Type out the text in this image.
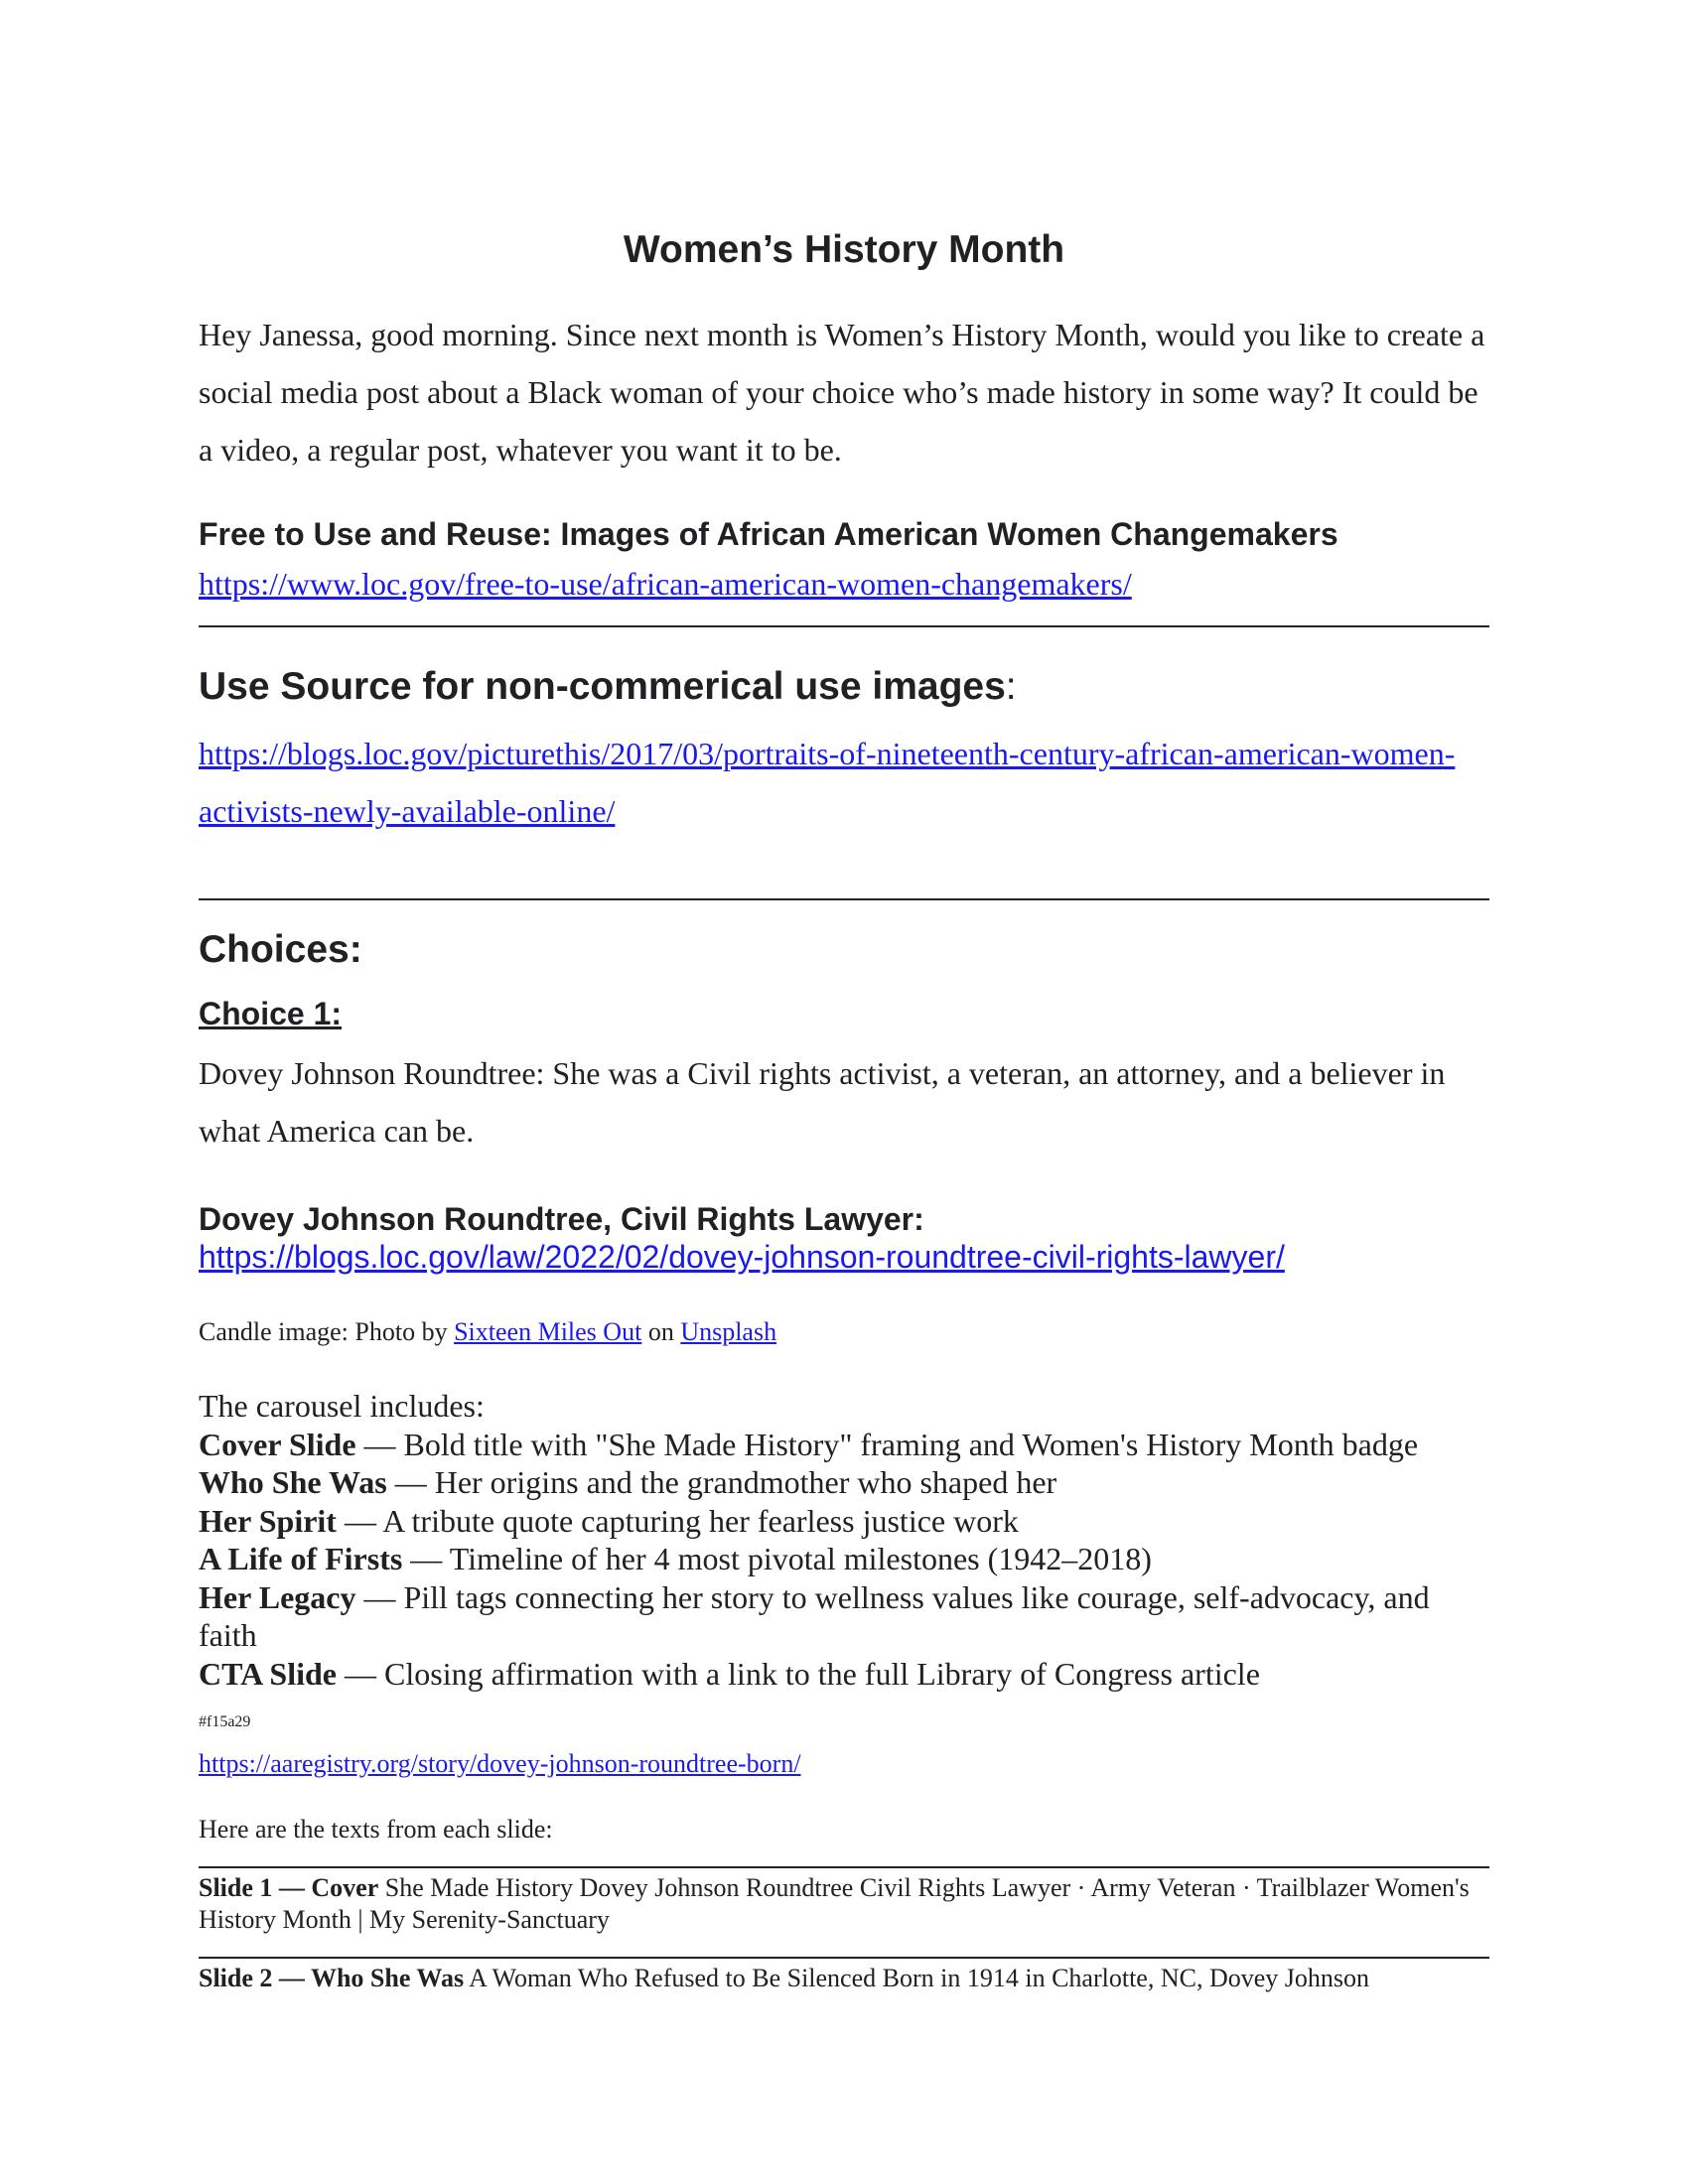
Women’s History Month

Hey Janessa, good morning. Since next month is Women’s History Month, would you like to create a social media post about a Black woman of your choice who’s made history in some way? It could be a video, a regular post, whatever you want it to be.

Free to Use and Reuse: Images of African American Women Changemakers

https://www.loc.gov/free-to-use/african-american-women-changemakers/

Use Source for non-commerical use images:

https://blogs.loc.gov/picturethis/2017/03/portraits-of-nineteenth-century-african-american-women-activists-newly-available-online/

Choices:

Choice 1:

Dovey Johnson Roundtree: She was a Civil rights activist, a veteran, an attorney, and a believer in what America can be.

Dovey Johnson Roundtree, Civil Rights Lawyer:

https://blogs.loc.gov/law/2022/02/dovey-johnson-roundtree-civil-rights-lawyer/

Candle image: Photo by Sixteen Miles Out on Unsplash

The carousel includes:
Cover Slide — Bold title with "She Made History" framing and Women's History Month badge
Who She Was — Her origins and the grandmother who shaped her
Her Spirit — A tribute quote capturing her fearless justice work
A Life of Firsts — Timeline of her 4 most pivotal milestones (1942–2018)
Her Legacy — Pill tags connecting her story to wellness values like courage, self-advocacy, and faith
CTA Slide — Closing affirmation with a link to the full Library of Congress article

#f15a29

https://aaregistry.org/story/dovey-johnson-roundtree-born/

Here are the texts from each slide:

Slide 1 — Cover She Made History Dovey Johnson Roundtree Civil Rights Lawyer · Army Veteran · Trailblazer Women's History Month | My Serenity-Sanctuary

Slide 2 — Who She Was A Woman Who Refused to Be Silenced Born in 1914 in Charlotte, NC, Dovey Johnson
